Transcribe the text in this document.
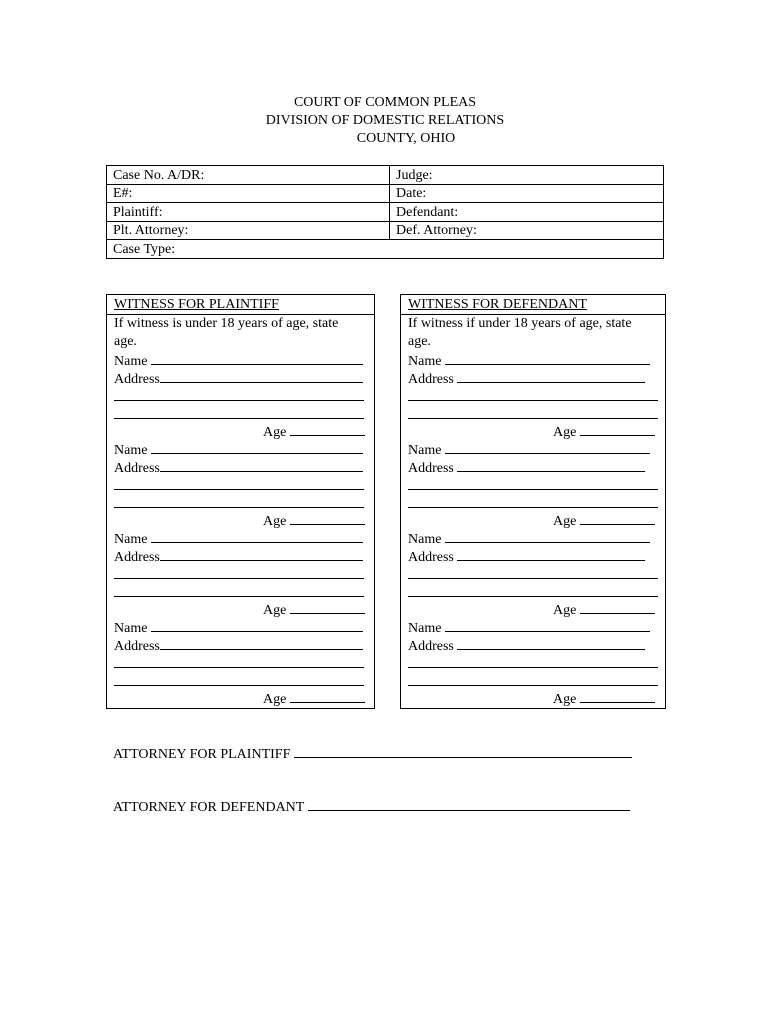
COURT OF COMMON PLEAS
DIVISION OF DOMESTIC RELATIONS
COUNTY, OHIO
Case No. A/DR:	Judge:
E#:	Date:
Plaintiff:	Defendant:
Plt. Attorney:	Def. Attorney:
Case Type:	
WITNESS FOR PLAINTIFF
If witness is under 18 years of age, state
age.
Name
Address
Age
Name
Address
Age
Name
Address
Age
Name
Address
Age
WITNESS FOR DEFENDANT
If witness if under 18 years of age, state
age.
Name
Address
Age
Name
Address
Age
Name
Address
Age
Name
Address
Age
ATTORNEY FOR PLAINTIFF
ATTORNEY FOR DEFENDANT
